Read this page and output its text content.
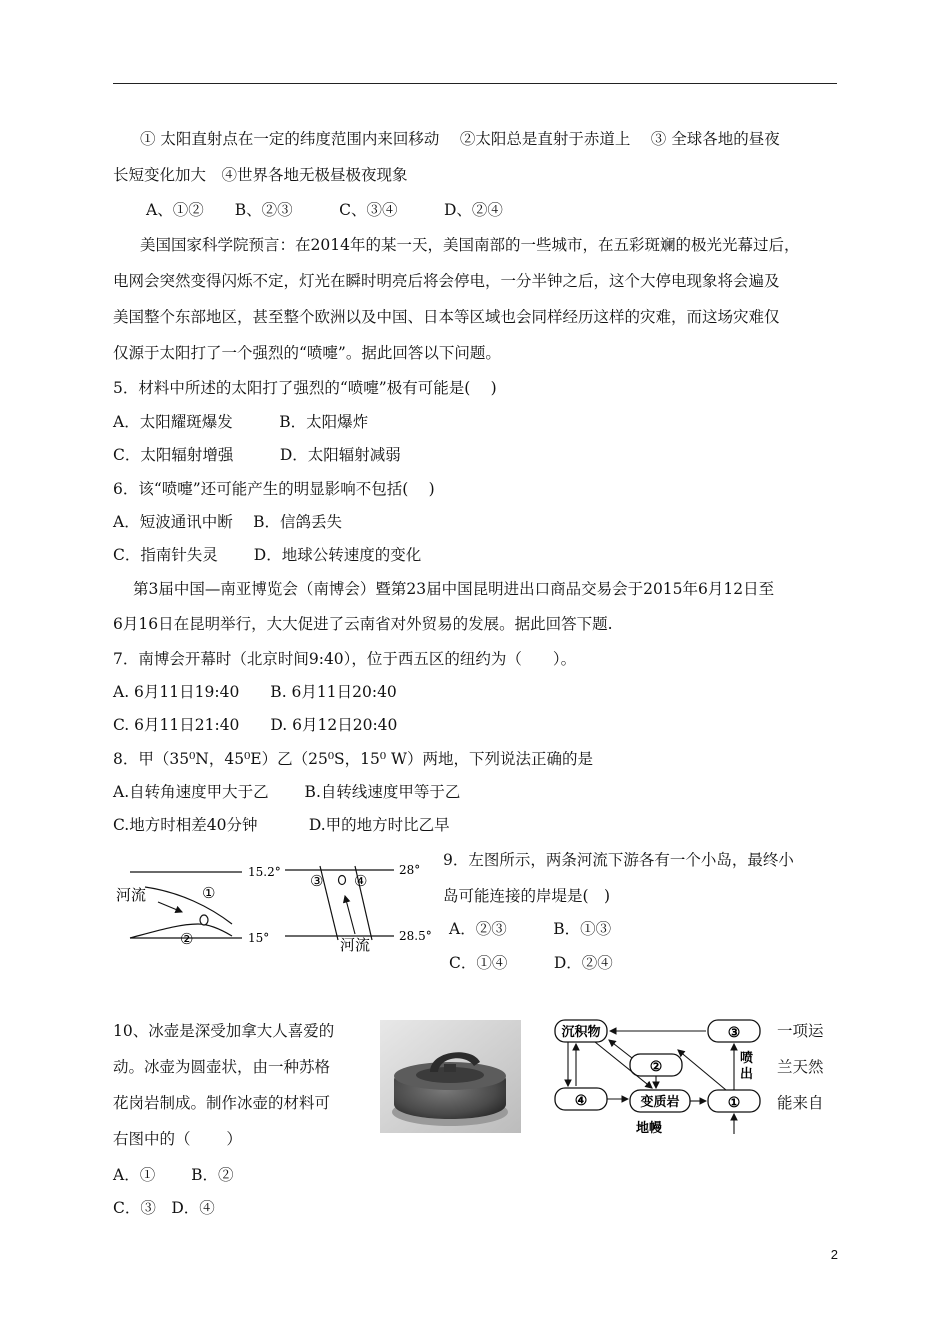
① 太阳直射点在一定的纬度范围内来回移动　 ②太阳总是直射于赤道上　 ③ 全球各地的昼夜
长短变化加大　④世界各地无极昼极夜现象
A、①②　　B、②③　　　C、③④　　　D、②④
美国国家科学院预言：在2014年的某一天，美国南部的一些城市，在五彩斑斓的极光光幕过后，
电网会突然变得闪烁不定，灯光在瞬时明亮后将会停电，一分半钟之后，这个大停电现象将会遍及
美国整个东部地区，甚至整个欧洲以及中国、日本等区域也会同样经历这样的灾难，而这场灾难仅
仅源于太阳打了一个强烈的“喷嚏”。据此回答以下问题。
5．材料中所述的太阳打了强烈的“喷嚏”极有可能是(　 )
A．太阳耀斑爆发　　　B．太阳爆炸
C．太阳辐射增强　　　D．太阳辐射减弱
6．该“喷嚏”还可能产生的明显影响不包括(　 )
A．短波通讯中断　 B．信鸽丢失
C．指南针失灵　　 D．地球公转速度的变化
第3届中国—南亚博览会（南博会）暨第23届中国昆明进出口商品交易会于2015年6月12日至
6月16日在昆明举行，大大促进了云南省对外贸易的发展。据此回答下题.
7．南博会开幕时（北京时间9:40），位于西五区的纽约为（　　）。
A. 6月11日19:40　　B. 6月11日20:40
C. 6月11日21:40　　D. 6月12日20:40
8．甲（35⁰N，45⁰E）乙（25⁰S，15⁰ W）两地，下列说法正确的是
A.自转角速度甲大于乙　　 B.自转线速度甲等于乙
C.地方时相差40分钟　　　 D.甲的地方时比乙早
9．左图所示，两条河流下游各有一个小岛，最终小
岛可能连接的岸堤是(　)
A．②③　　　B．①③
C．①④　　　D．②④
10、冰壶是深受加拿大人喜爱的
动。冰壶为圆壶状，由一种苏格
花岗岩制成。制作冰壶的材料可
右图中的（　　 ）
A．①　　 B．②
C．③　D．④
一项运
兰天然
能来自
河流	①
②
15.2°
15°
③ ④
河流
28°
28.5°
沉积物	③
②
④	变质岩	①
地幔
喷 出
2
